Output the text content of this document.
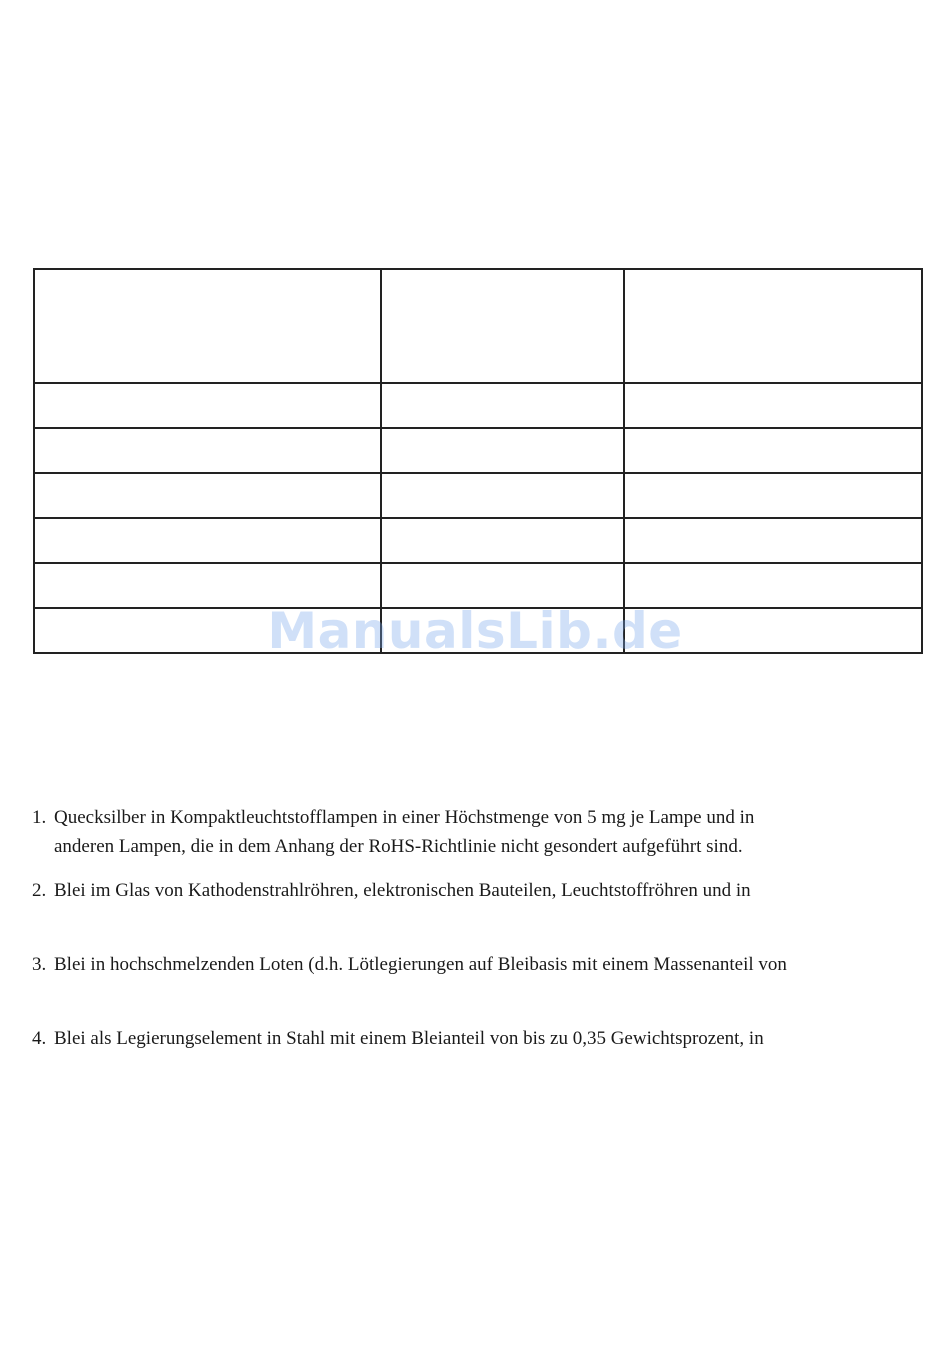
ManualsLib.de
1. Quecksilber in Kompaktleuchtstofflampen in einer Höchstmenge von 5 mg je Lampe und in
anderen Lampen, die in dem Anhang der RoHS-Richtlinie nicht gesondert aufgeführt sind.
2. Blei im Glas von Kathodenstrahlröhren, elektronischen Bauteilen, Leuchtstoffröhren und in
3. Blei in hochschmelzenden Loten (d.h. Lötlegierungen auf Bleibasis mit einem Massenanteil von
4. Blei als Legierungselement in Stahl mit einem Bleianteil von bis zu 0,35 Gewichtsprozent, in
